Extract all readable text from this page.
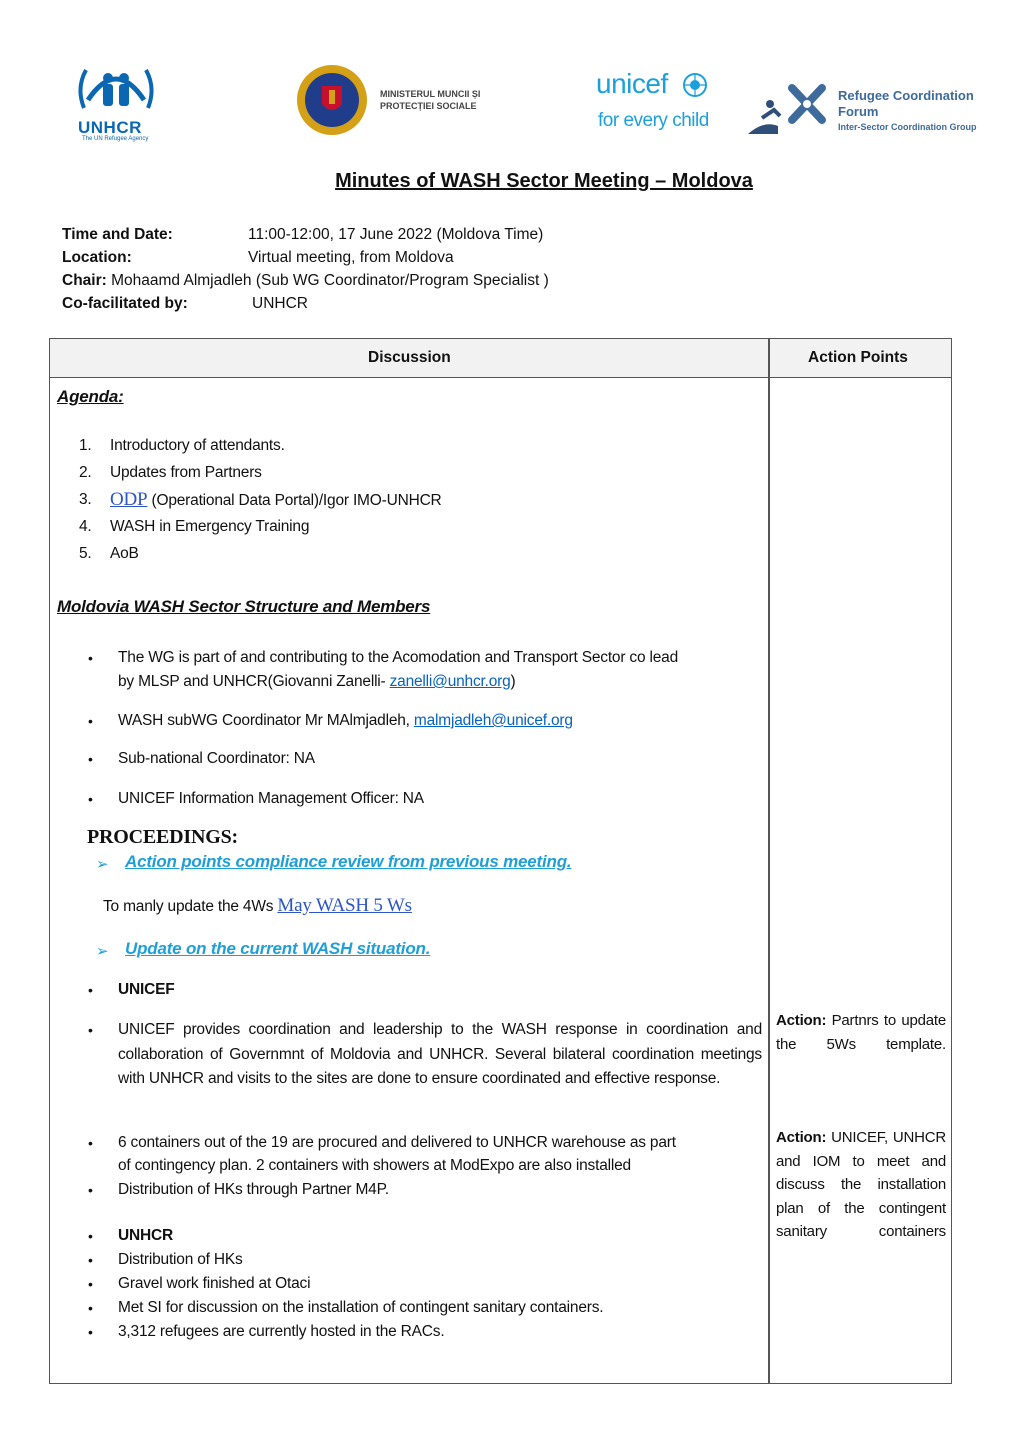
UNHCR
The UN Refugee Agency
MINISTERUL MUNCII ȘI
PROTECȚIEI SOCIALE
unicef
for every child
Refugee Coordination
Forum
Inter-Sector Coordination Group
Minutes of WASH Sector Meeting – Moldova
Time and Date:	11:00-12:00, 17 June 2022 (Moldova Time)
Location:	Virtual meeting, from Moldova
Chair: Mohaamd Almjadleh (Sub WG Coordinator/Program Specialist )
Co-facilitated by:	UNHCR
Discussion	Action Points
Agenda:
1. Introductory of attendants.
2. Updates from Partners
3. ODP (Operational Data Portal)/Igor IMO-UNHCR
4. WASH in Emergency Training
5. AoB
Moldovia WASH Sector Structure and Members
• The WG is part of and contributing to the Acomodation and Transport Sector co lead
by MLSP and UNHCR(Giovanni Zanelli- zanelli@unhcr.org)
• WASH subWG Coordinator Mr MAlmjadleh, malmjadleh@unicef.org
• Sub-national Coordinator: NA
• UNICEF Information Management Officer: NA
PROCEEDINGS:
➢ Action points compliance review from previous meeting.
To manly update the 4Ws May WASH 5 Ws
➢ Update on the current WASH situation.
• UNICEF
• UNICEF provides coordination and leadership to the WASH response in coordination and collaboration of Governmnt of Moldovia and UNHCR. Several bilateral coordination meetings with UNHCR and visits to the sites are done to ensure coordinated and effective response.
• 6 containers out of the 19 are procured and delivered to UNHCR warehouse as part
of contingency plan. 2 containers with showers at ModExpo are also installed
• Distribution of HKs through Partner M4P.
• UNHCR
• Distribution of HKs
• Gravel work finished at Otaci
• Met SI for discussion on the installation of contingent sanitary containers.
• 3,312 refugees are currently hosted in the RACs.
Action: Partnrs to update the 5Ws template.
Action: UNICEF, UNHCR and IOM to meet and discuss the installation plan of the contingent sanitary containers
